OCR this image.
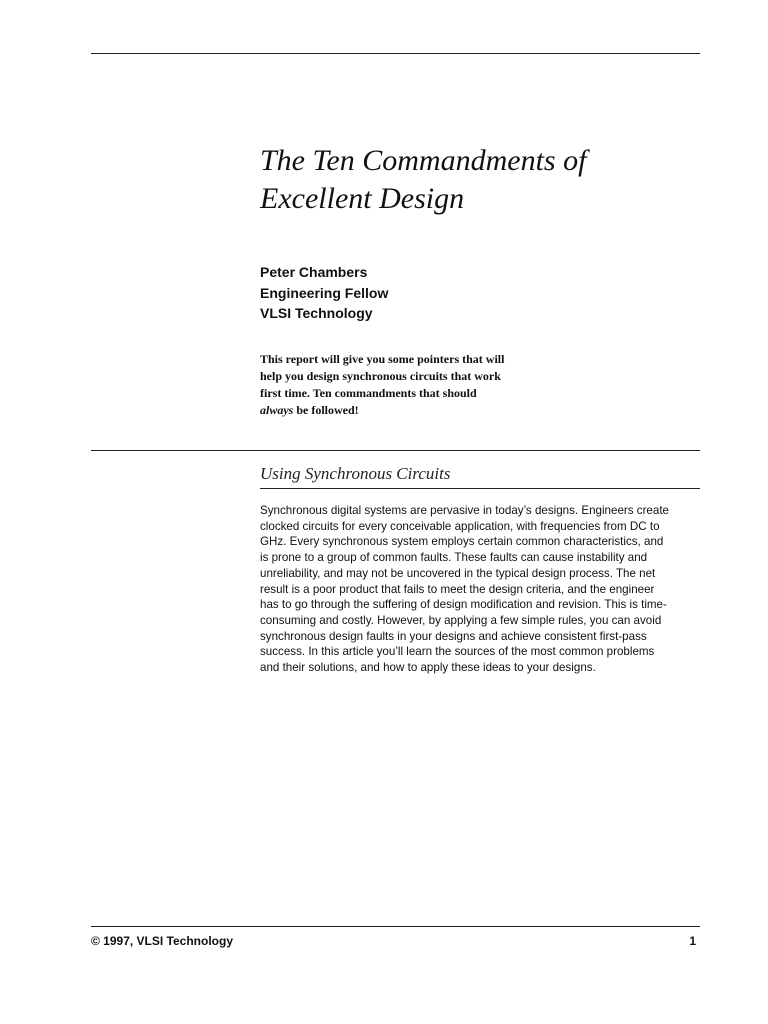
The Ten Commandments of
Excellent Design
Peter Chambers
Engineering Fellow
VLSI Technology

This report will give you some pointers that will help you design synchronous circuits that work first time. Ten commandments that should always be followed!

Using Synchronous Circuits

Synchronous digital systems are pervasive in today’s designs. Engineers create
clocked circuits for every conceivable application, with frequencies from DC to
GHz. Every synchronous system employs certain common characteristics, and
is prone to a group of common faults. These faults can cause instability and
unreliability, and may not be uncovered in the typical design process. The net
result is a poor product that fails to meet the design criteria, and the engineer
has to go through the suffering of design modification and revision. This is time-
consuming and costly. However, by applying a few simple rules, you can avoid
synchronous design faults in your designs and achieve consistent first-pass
success. In this article you’ll learn the sources of the most common problems
and their solutions, and how to apply these ideas to your designs.

© 1997, VLSI Technology	1
